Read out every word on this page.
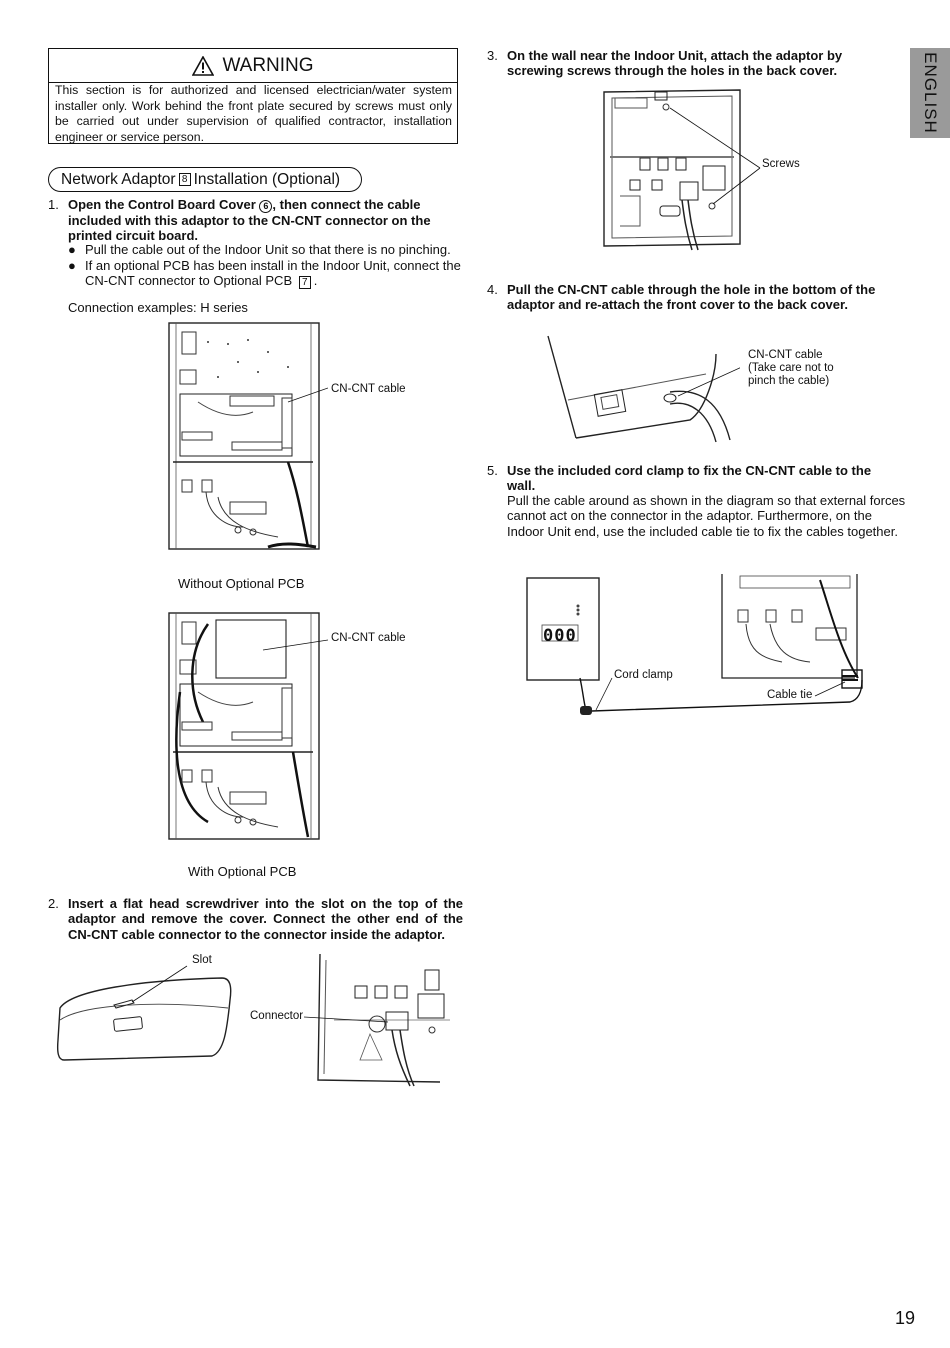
ENGLISH
WARNING
This section is for authorized and licensed electrician/water system installer only. Work behind the front plate secured by screws must only be carried out under supervision of qualified contractor, installation engineer or service person.
Network Adaptor 8 Installation (Optional)
1. Open the Control Board Cover 6 , then connect the cable included with this adaptor to the CN-CNT connector on the printed circuit board.
● Pull the cable out of the Indoor Unit so that there is no pinching.
● If an optional PCB has been install in the Indoor Unit, connect the CN-CNT connector to Optional PCB 7 .
Connection examples: H series
CN-CNT cable
Without Optional PCB
CN-CNT cable
With Optional PCB
2. Insert a flat head screwdriver into the slot on the top of the adaptor and remove the cover. Connect the other end of the CN-CNT cable connector to the connector inside the adaptor.
Slot
Connector
3. On the wall near the Indoor Unit, attach the adaptor by screwing screws through the holes in the back cover.
Screws
4. Pull the CN-CNT cable through the hole in the bottom of the adaptor and re-attach the front cover to the back cover.
CN-CNT cable
(Take care not to
pinch the cable)
5. Use the included cord clamp to fix the CN-CNT cable to the wall.
Pull the cable around as shown in the diagram so that external forces cannot act on the connector in the adaptor. Furthermore, on the Indoor Unit end, use the included cable tie to fix the cables together.
000
Cord clamp
Cable tie
19
